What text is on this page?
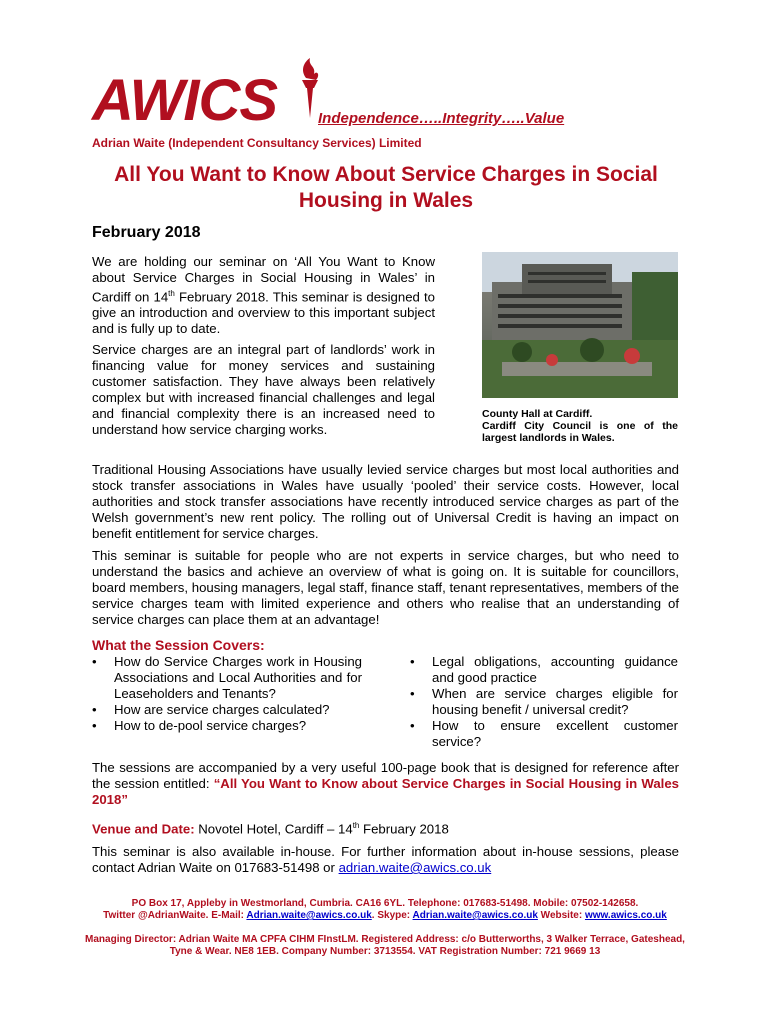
AWICS	Independence…..Integrity…..Value
Adrian Waite (Independent Consultancy Services) Limited
All You Want to Know About Service Charges in Social Housing in Wales
February 2018

We are holding our seminar on ‘All You Want to Know about Service Charges in Social Housing in Wales’ in Cardiff on 14th February 2018. This seminar is designed to give an introduction and overview to this important subject and is fully up to date.

Service charges are an integral part of landlords’ work in financing value for money services and sustaining customer satisfaction. They have always been relatively complex but with increased financial challenges and legal and financial complexity there is an increased need to understand how service charging works.

County Hall at Cardiff.
Cardiff City Council is one of the largest landlords in Wales.

Traditional Housing Associations have usually levied service charges but most local authorities and stock transfer associations in Wales have usually ‘pooled’ their service costs. However, local authorities and stock transfer associations have recently introduced service charges as part of the Welsh government’s new rent policy. The rolling out of Universal Credit is having an impact on benefit entitlement for service charges.

This seminar is suitable for people who are not experts in service charges, but who need to understand the basics and achieve an overview of what is going on. It is suitable for councillors, board members, housing managers, legal staff, finance staff, tenant representatives, members of the service charges team with limited experience and others who realise that an understanding of service charges can place them at an advantage!

What the Session Covers:
• How do Service Charges work in Housing Associations and Local Authorities and for Leaseholders and Tenants?
• How are service charges calculated?
• How to de-pool service charges?
• Legal obligations, accounting guidance and good practice
• When are service charges eligible for housing benefit / universal credit?
• How to ensure excellent customer service?

The sessions are accompanied by a very useful 100-page book that is designed for reference after the session entitled: “All You Want to Know about Service Charges in Social Housing in Wales 2018”

Venue and Date: Novotel Hotel, Cardiff – 14th February 2018

This seminar is also available in-house. For further information about in-house sessions, please contact Adrian Waite on 017683-51498 or adrian.waite@awics.co.uk

PO Box 17, Appleby in Westmorland, Cumbria. CA16 6YL. Telephone: 017683-51498. Mobile: 07502-142658.
Twitter @AdrianWaite. E-Mail: Adrian.waite@awics.co.uk. Skype: Adrian.waite@awics.co.uk Website: www.awics.co.uk
Managing Director: Adrian Waite MA CPFA CIHM FInstLM. Registered Address: c/o Butterworths, 3 Walker Terrace, Gateshead, Tyne & Wear. NE8 1EB. Company Number: 3713554. VAT Registration Number: 721 9669 13
